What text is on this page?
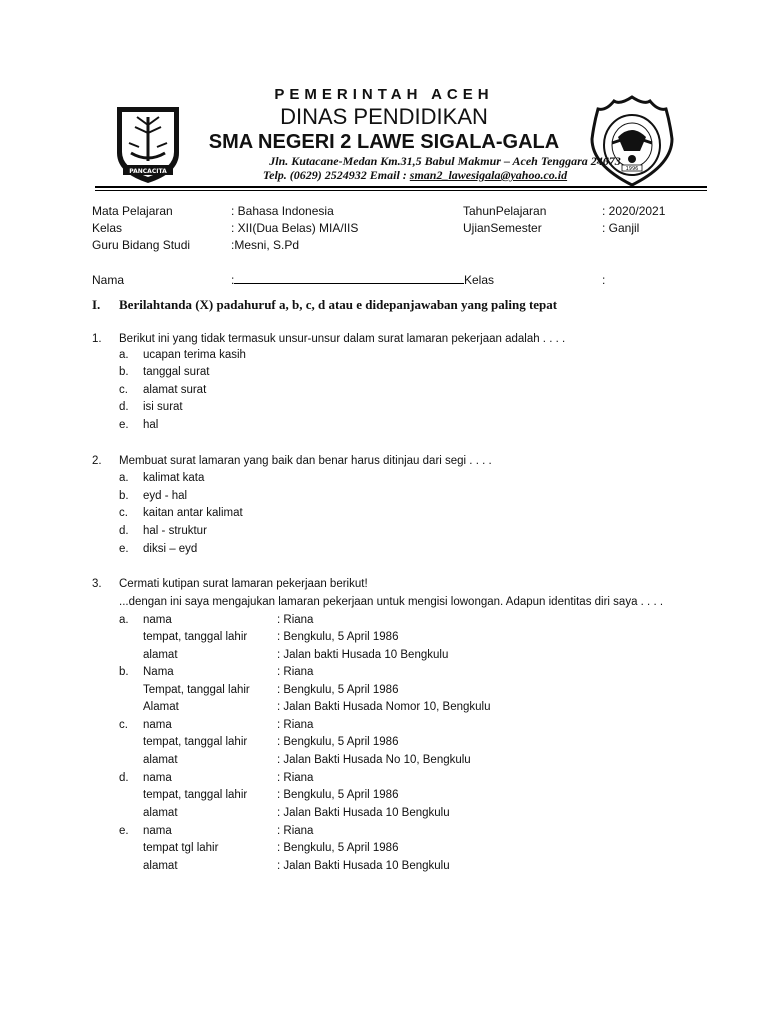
PANCACITA	1996
PEMERINTAH ACEH
DINAS PENDIDIKAN
SMA NEGERI 2 LAWE SIGALA-GALA
Jln. Kutacane-Medan Km.31,5 Babul Makmur – Aceh Tenggara 24673
Telp. (0629) 2524932 Email : sman2_lawesigala@yahoo.co.id
Mata Pelajaran	: Bahasa Indonesia	TahunPelajaran	: 2020/2021
Kelas	: XII(Dua Belas) MIA/IIS	UjianSemester	: Ganjil
Guru Bidang Studi	:Mesni, S.Pd
Nama	:	Kelas	:
I. Berilahtanda (X) padahuruf a, b, c, d atau e didepanjawaban yang paling tepat
1. Berikut ini yang tidak termasuk unsur-unsur dalam surat lamaran pekerjaan adalah . . . .
a. ucapan terima kasih
b. tanggal surat
c. alamat surat
d. isi surat
e. hal
2. Membuat surat lamaran yang baik dan benar harus ditinjau dari segi . . . .
a. kalimat kata
b. eyd - hal
c. kaitan antar kalimat
d. hal - struktur
e. diksi – eyd
3. Cermati kutipan surat lamaran pekerjaan berikut!
...dengan ini saya mengajukan lamaran pekerjaan untuk mengisi lowongan. Adapun identitas diri saya . . . .
a. nama	: Riana
tempat, tanggal lahir	: Bengkulu, 5 April 1986
alamat	: Jalan bakti Husada 10 Bengkulu
b. Nama	: Riana
Tempat, tanggal lahir : Bengkulu, 5 April 1986
Alamat	: Jalan Bakti Husada Nomor 10, Bengkulu
c. nama	: Riana
tempat, tanggal lahir	: Bengkulu, 5 April 1986
alamat	: Jalan Bakti Husada No 10, Bengkulu
d. nama	: Riana
tempat, tanggal lahir	: Bengkulu, 5 April 1986
alamat	: Jalan Bakti Husada 10 Bengkulu
e. nama	: Riana
tempat tgl lahir	: Bengkulu, 5 April 1986
alamat	: Jalan Bakti Husada 10 Bengkulu
